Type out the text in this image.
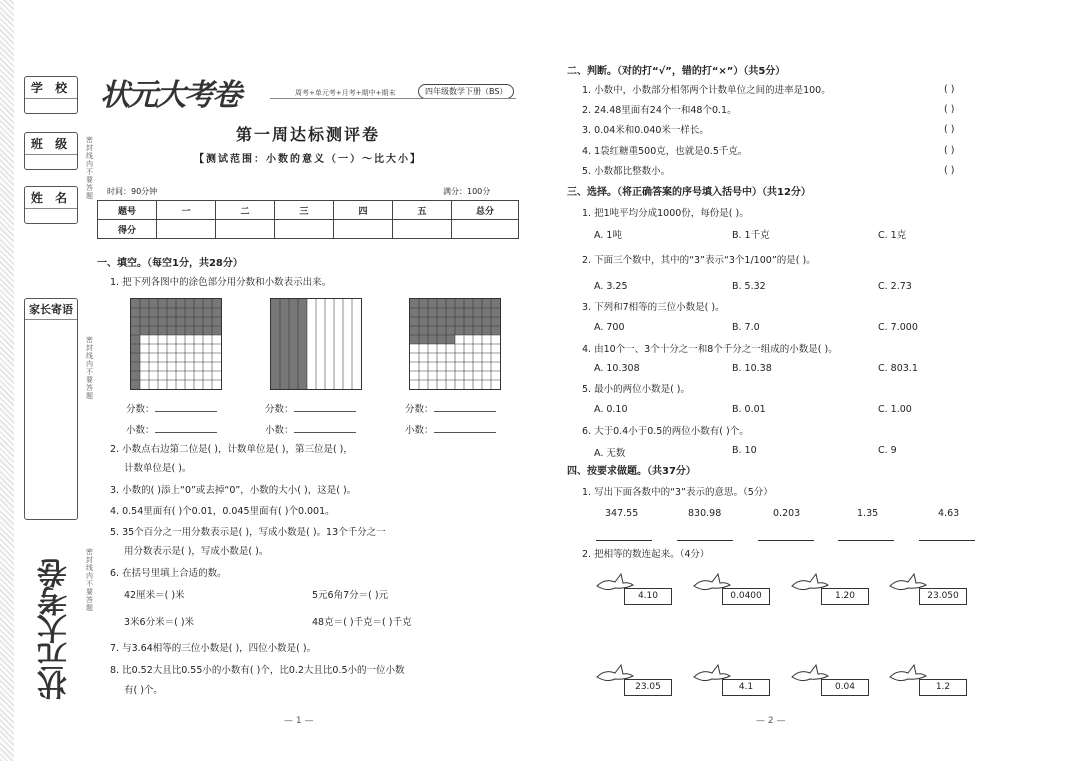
学 校
班 级
姓 名
家长寄语
密封线内不要答题
密封线内不要答题
密封线内不要答题
状元大考卷
状元大考卷	周考+单元考+月考+期中+期末	四年级数学下册（BS）
第一周达标测评卷
【测试范围：小数的意义（一）～比大小】
时间：90分钟	满分：100分
题号	一	二	三	四	五	总分
得分						
一、填空。（每空1分，共28分）
1. 把下列各图中的涂色部分用分数和小数表示出来。
分数：	分数：	分数：
小数：	小数：	小数：
2. 小数点右边第二位是( )，计数单位是( )，第三位是( )，
计数单位是( )。
3. 小数的( )添上“0”或去掉“0”，小数的大小( )，这是( )。
4. 0.54里面有( )个0.01，0.045里面有( )个0.001。
5. 35个百分之一用分数表示是( )，写成小数是( )。13个千分之一
用分数表示是( )，写成小数是( )。
6. 在括号里填上合适的数。
42厘米＝( )米	5元6角7分＝( )元
3米6分米＝( )米	48克＝( )千克＝( )千克
7. 与3.64相等的三位小数是( )，四位小数是( )。
8. 比0.52大且比0.55小的小数有( )个，比0.2大且比0.5小的一位小数
有( )个。
— 1 —
二、判断。（对的打“√”，错的打“×”）（共5分）
1. 小数中，小数部分相邻两个计数单位之间的进率是100。
2. 24.48里面有24个一和48个0.1。
3. 0.04米和0.040米一样长。
4. 1袋红糖重500克，也就是0.5千克。
5. 小数都比整数小。
( )
( )
( )
( )
( )
三、选择。（将正确答案的序号填入括号中）（共12分）
1. 把1吨平均分成1000份，每份是( )。
A. 1吨	B. 1千克	C. 1克
2. 下面三个数中，其中的“3”表示“3个1/100”的是( )。
A. 3.25	B. 5.32	C. 2.73
3. 下列和7相等的三位小数是( )。
A. 700	B. 7.0	C. 7.000
4. 由10个一、3个十分之一和8个千分之一组成的小数是( )。
A. 10.308	B. 10.38	C. 803.1
5. 最小的两位小数是( )。
A. 0.10	B. 0.01	C. 1.00
6. 大于0.4小于0.5的两位小数有( )个。
A. 无数	B. 10	C. 9
四、按要求做题。（共37分）
1. 写出下面各数中的“3”表示的意思。（5分）
347.55	830.98	0.203	1.35	4.63
2. 把相等的数连起来。（4分）
4.10	0.0400	1.20	23.050
23.05	4.1	0.04	1.2
— 2 —
